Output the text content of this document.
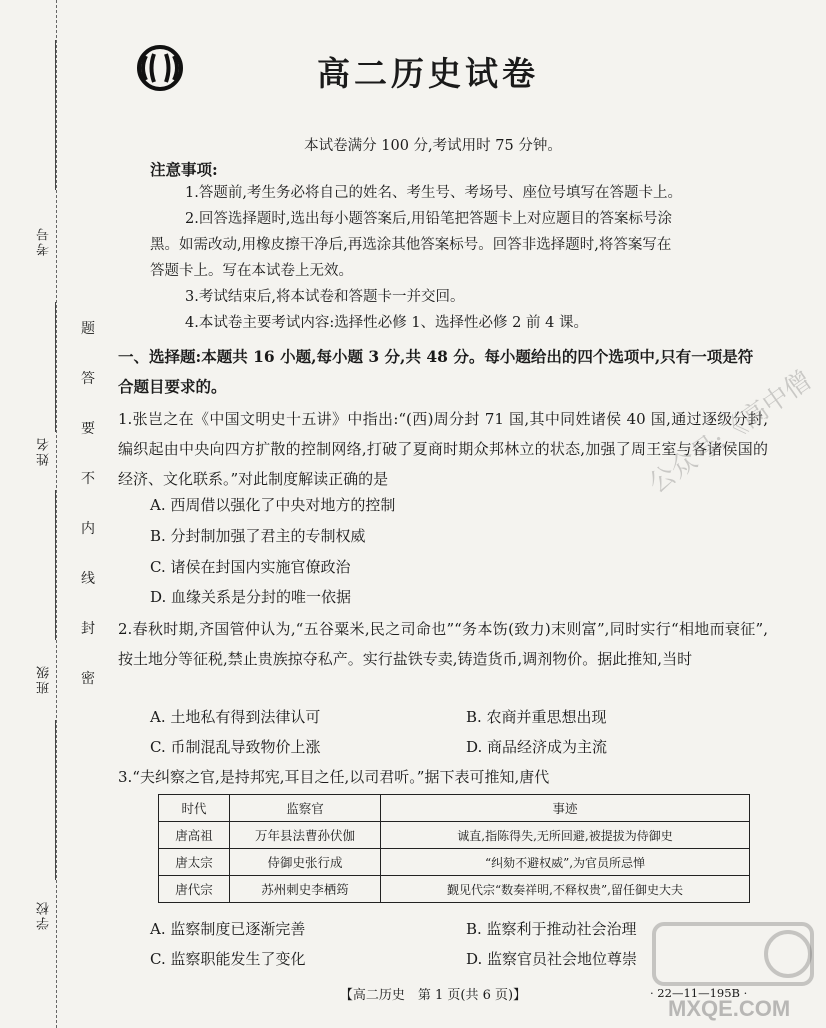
考号
姓名
班级
学校
题
答
要
不
内
线
封
密
高二历史试卷
本试卷满分 100 分,考试用时 75 分钟。
注意事项:
1.答题前,考生务必将自己的姓名、考生号、考场号、座位号填写在答题卡上。
2.回答选择题时,选出每小题答案后,用铅笔把答题卡上对应题目的答案标号涂
黑。如需改动,用橡皮擦干净后,再选涂其他答案标号。回答非选择题时,将答案写在
答题卡上。写在本试卷上无效。
3.考试结束后,将本试卷和答题卡一并交回。
4.本试卷主要考试内容:选择性必修 1、选择性必修 2 前 4 课。
一、选择题:本题共 16 小题,每小题 3 分,共 48 分。每小题给出的四个选项中,只有一项是符合题目要求的。
1.张岂之在《中国文明史十五讲》中指出:“(西)周分封 71 国,其中同姓诸侯 40 国,通过逐级分封,编织起由中央向四方扩散的控制网络,打破了夏商时期众邦林立的状态,加强了周王室与各诸侯国的经济、文化联系。”对此制度解读正确的是
A. 西周借以强化了中央对地方的控制
B. 分封制加强了君主的专制权威
C. 诸侯在封国内实施官僚政治
D. 血缘关系是分封的唯一依据
2.春秋时期,齐国管仲认为,“五谷粟米,民之司命也”“务本饬(致力)末则富”,同时实行“相地而衰征”,按土地分等征税,禁止贵族掠夺私产。实行盐铁专卖,铸造货币,调剂物价。据此推知,当时
A. 土地私有得到法律认可	B. 农商并重思想出现
C. 币制混乱导致物价上涨	D. 商品经济成为主流
3.“夫纠察之官,是持邦宪,耳目之任,以司君听。”据下表可推知,唐代
时代	监察官	事迹
唐高祖	万年县法曹孙伏伽	诚直,指陈得失,无所回避,被提拔为侍御史
唐太宗	侍御史张行成	“纠劾不避权威”,为官员所忌惮
唐代宗	苏州刺史李栖筠	觐见代宗“数奏祥明,不释权贵”,留任御史大夫
A. 监察制度已逐渐完善	B. 监察利于推动社会治理
C. 监察职能发生了变化	D. 监察官员社会地位尊崇
【高二历史　第 1 页(共 6 页)】	· 22—11—195B ·
公众号:《高中僧
MXQE.COM
